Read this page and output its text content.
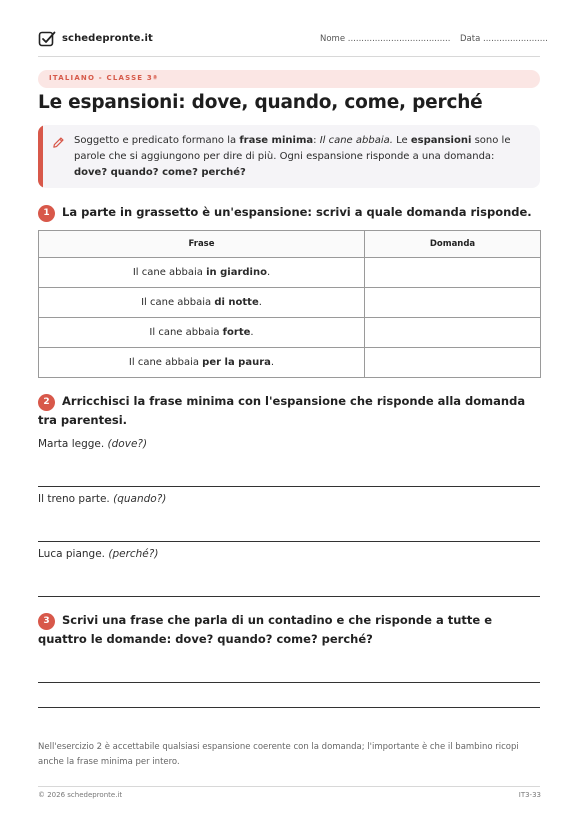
schedepronte.it	Nome ...................................... Data ........................
ITALIANO - CLASSE 3ª
Le espansioni: dove, quando, come, perché
Soggetto e predicato formano la frase minima: Il cane abbaia. Le espansioni sono le parole che si aggiungono per dire di più. Ogni espansione risponde a una domanda: dove? quando? come? perché?
1 La parte in grassetto è un'espansione: scrivi a quale domanda risponde.
Frase	Domanda
Il cane abbaia in giardino.	
Il cane abbaia di notte.	
Il cane abbaia forte.	
Il cane abbaia per la paura.	
2 Arricchisci la frase minima con l'espansione che risponde alla domanda tra parentesi.
Marta legge. (dove?)
Il treno parte. (quando?)
Luca piange. (perché?)
3 Scrivi una frase che parla di un contadino e che risponde a tutte e quattro le domande: dove? quando? come? perché?
Nell'esercizio 2 è accettabile qualsiasi espansione coerente con la domanda; l'importante è che il bambino ricopi anche la frase minima per intero.
© 2026 schedepronte.it	IT3-33
